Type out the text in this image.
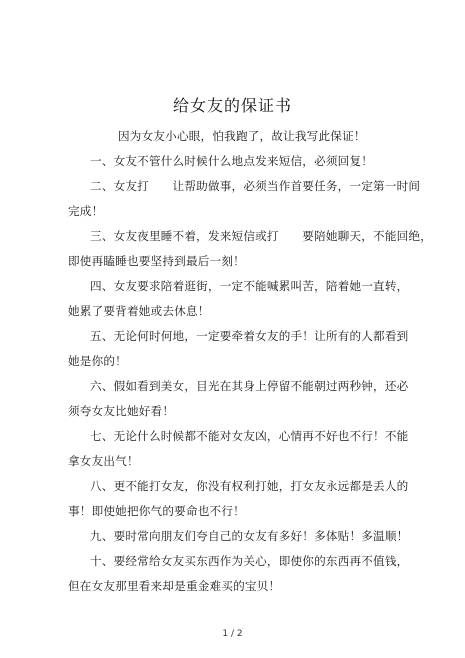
给女友的保证书
因为女友小心眼，怕我跑了，故让我写此保证！
一、女友不管什么时候什么地点发来短信，必须回复！
二、女友打　　让帮助做事，必须当作首要任务，一定第一时间
完成！
三、女友夜里睡不着，发来短信或打　　要陪她聊天，不能回绝，
即使再瞌睡也要坚持到最后一刻！
四、女友要求陪着逛街，一定不能喊累叫苦，陪着她一直转，
她累了要背着她或去休息！
五、无论何时何地，一定要牵着女友的手！让所有的人都看到
她是你的！
六、假如看到美女，目光在其身上停留不能朝过两秒钟，还必
须夸女友比她好看！
七、无论什么时候都不能对女友凶，心情再不好也不行！不能
拿女友出气！
八、更不能打女友，你没有权利打她，打女友永远都是丢人的
事！即使她把你气的要命也不行！
九、要时常向朋友们夸自己的女友有多好！多体贴！多温顺！
十、要经常给女友买东西作为关心，即使你的东西再不值钱，
但在女友那里看来却是重金难买的宝贝！
1 / 2
